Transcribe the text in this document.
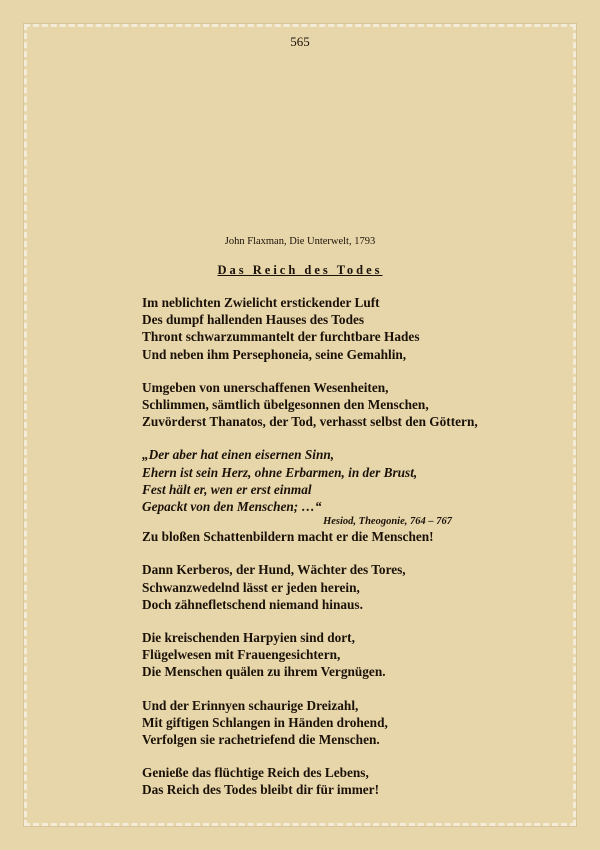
565
John Flaxman, Die Unterwelt, 1793
Das Reich des Todes
Im neblichten Zwielicht erstickender Luft
Des dumpf hallenden Hauses des Todes
Thront schwarzummantelt der furchtbare Hades
Und neben ihm Persephoneia, seine Gemahlin,
Umgeben von unerschaffenen Wesenheiten,
Schlimmen, sämtlich übelgesonnen den Menschen,
Zuvörderst Thanatos, der Tod, verhasst selbst den Göttern,
„Der aber hat einen eisernen Sinn,
Ehern ist sein Herz, ohne Erbarmen, in der Brust,
Fest hält er, wen er erst einmal
Gepackt von den Menschen; …“
Hesiod, Theogonie, 764 – 767
Zu bloßen Schattenbildern macht er die Menschen!
Dann Kerberos, der Hund, Wächter des Tores,
Schwanzwedelnd lässt er jeden herein,
Doch zähnefletschend niemand hinaus.
Die kreischenden Harpyien sind dort,
Flügelwesen mit Frauengesichtern,
Die Menschen quälen zu ihrem Vergnügen.
Und der Erinnyen schaurige Dreizahl,
Mit giftigen Schlangen in Händen drohend,
Verfolgen sie rachetriefend die Menschen.
Genieße das flüchtige Reich des Lebens,
Das Reich des Todes bleibt dir für immer!
